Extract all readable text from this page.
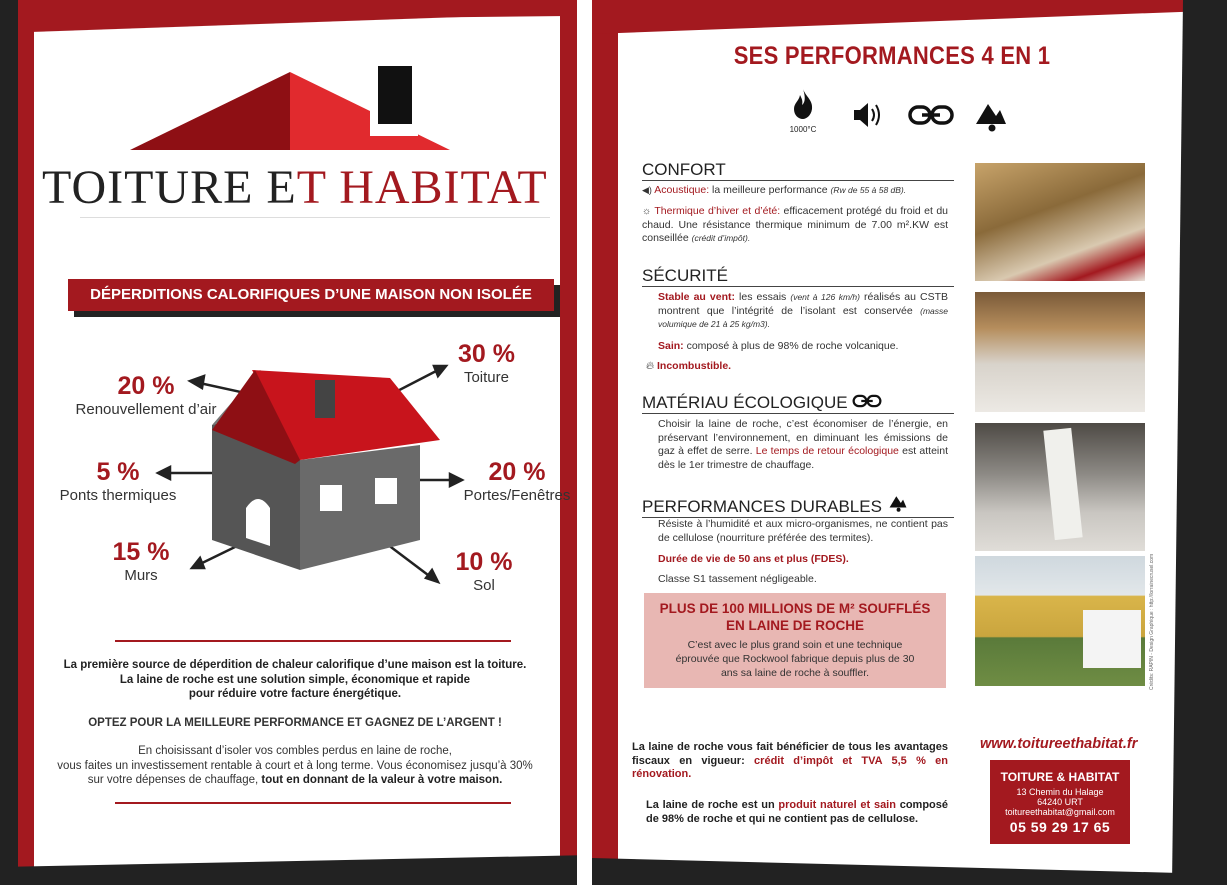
TOITURE ET HABITAT
DÉPERDITIONS CALORIFIQUES D’UNE MAISON NON ISOLÉE
30 %
Toiture
20 %
Renouvellement d’air
5 %
Ponts thermiques
20 %
Portes/Fenêtres
15 %
Murs	10 %
Sol
La première source de déperdition de chaleur calorifique d’une maison est la toiture.
La laine de roche est une solution simple, économique et rapide
pour réduire votre facture énergétique.
OPTEZ POUR LA MEILLEURE PERFORMANCE ET GAGNEZ DE L’ARGENT !
En choisissant d’isoler vos combles perdus en laine de roche,
vous faites un investissement rentable à court et à long terme. Vous économisez jusqu’à 30%
sur votre dépenses de chauffage, tout en donnant de la valeur à votre maison.
SES PERFORMANCES 4 EN 1
1000°C
CONFORT
◀) Acoustique: la meilleure performance (Rw de 55 à 58 dB).
☼ Thermique d’hiver et d’été: efficacement protégé du froid et du chaud. Une résistance thermique minimum de 7.00 m².KW est conseillée (crédit d’impôt).
SÉCURITÉ
Stable au vent: les essais (vent à 126 km/h) réalisés au CSTB montrent que l’intégrité de l’isolant est conservée (masse volumique de 21 à 25 kg/m3).
Sain: composé à plus de 98% de roche volcanique.
🔥︎ Incombustible.
MATÉRIAU ÉCOLOGIQUE
Choisir la laine de roche, c’est économiser de l’énergie, en préservant l’environnement, en diminuant les émissions de gaz à effet de serre. Le temps de retour écologique est atteint dès le 1er trimestre de chauffage.
PERFORMANCES DURABLES
Résiste à l’humidité et aux micro-organismes, ne contient pas de cellulose (nourriture préférée des termites).
Durée de vie de 50 ans et plus (FDES).
Classe S1 tassement négligeable.
PLUS DE 100 MILLIONS DE M² SOUFFLÉS
EN LAINE DE ROCHE
C’est avec le plus grand soin et une technique éprouvée que Rockwool fabrique depuis plus de 30 ans sa laine de roche à souffler.	Crédits: RAPIN - Design Graphique : http://lorrainecrusel.com
La laine de roche vous fait bénéficier de tous les avantages fiscaux en vigueur: crédit d’impôt et TVA 5,5 % en rénovation.
La laine de roche est un produit naturel et sain composé de 98% de roche et qui ne contient pas de cellulose.
www.toitureethabitat.fr
TOITURE & HABITAT
13 Chemin du Halage
64240 URT
toitureethabitat@gmail.com
05 59 29 17 65
